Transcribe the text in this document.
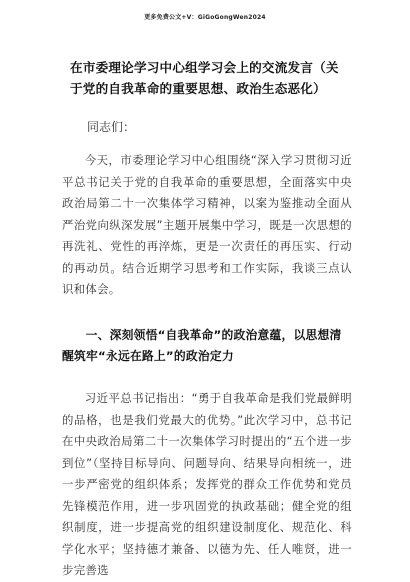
更多免费公文+V：GiGoGongWen2024
在市委理论学习中心组学习会上的交流发言（关于党的自我革命的重要思想、政治生态恶化）
同志们：
今天，市委理论学习中心组围绕“深入学习贯彻习近平总书记关于党的自我革命的重要思想，全面落实中央政治局第二十一次集体学习精神，以案为鉴推动全面从严治党向纵深发展”主题开展集中学习，既是一次思想的再洗礼、党性的再淬炼，更是一次责任的再压实、行动的再动员。结合近期学习思考和工作实际，我谈三点认识和体会。
一、深刻领悟“自我革命”的政治意蕴，以思想清醒筑牢“永远在路上”的政治定力
习近平总书记指出：“勇于自我革命是我们党最鲜明的品格，也是我们党最大的优势。”此次学习中，总书记在中央政治局第二十一次集体学习时提出的“五个进一步到位”（坚持目标导向、问题导向、结果导向相统一，进一步严密党的组织体系；发挥党的群众工作优势和党员先锋模范作用，进一步巩固党的执政基础；健全党的组织制度，进一步提高党的组织建设制度化、规范化、科学化水平；坚持德才兼备、以德为先、任人唯贤，进一步完善选
